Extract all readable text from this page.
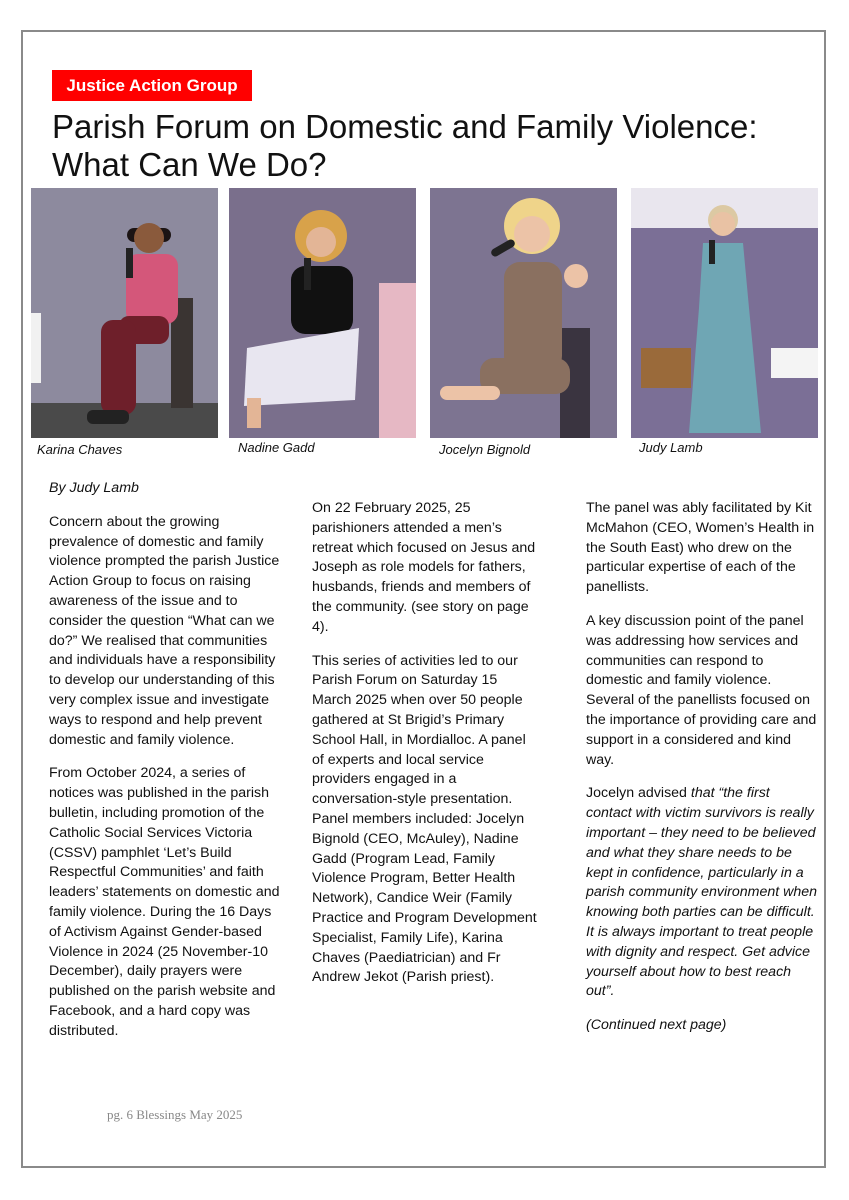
Justice Action Group
Parish Forum on Domestic and Family Violence:
What Can We Do?
Karina Chaves	Nadine Gadd	Jocelyn Bignold	Judy Lamb

By Judy Lamb

Concern about the growing prevalence of domestic and family violence prompted the parish Justice Action Group to focus on raising awareness of the issue and to consider the question “What can we do?” We realised that communities and individuals have a responsibility to develop our understanding of this very complex issue and investigate ways to respond and help prevent domestic and family violence.

From October 2024, a series of notices was published in the parish bulletin, including promotion of the Catholic Social Services Victoria (CSSV) pamphlet ‘Let’s Build Respectful Communities’ and faith leaders’ statements on domestic and family violence. During the 16 Days of Activism Against Gender-based Violence in 2024 (25 November-10 December), daily prayers were published on the parish website and Facebook, and a hard copy was distributed.

On 22 February 2025, 25 parishioners attended a men’s retreat which focused on Jesus and Joseph as role models for fathers, husbands, friends and members of the community. (see story on page 4).

This series of activities led to our Parish Forum on Saturday 15 March 2025 when over 50 people gathered at St Brigid’s Primary School Hall, in Mordialloc. A panel of experts and local service providers engaged in a conversation-style presentation. Panel members included: Jocelyn Bignold (CEO, McAuley), Nadine Gadd (Program Lead, Family Violence Program, Better Health Network), Candice Weir (Family Practice and Program Development Specialist, Family Life), Karina Chaves (Paediatrician) and Fr Andrew Jekot (Parish priest).

The panel was ably facilitated by Kit McMahon (CEO, Women’s Health in the South East) who drew on the particular expertise of each of the panellists.

A key discussion point of the panel was addressing how services and communities can respond to domestic and family violence. Several of the panellists focused on the importance of providing care and support in a considered and kind way.

Jocelyn advised that “the first contact with victim survivors is really important – they need to be believed and what they share needs to be kept in confidence, particularly in a parish community environment when knowing both parties can be difficult. It is always important to treat people with dignity and respect. Get advice yourself about how to best reach out”.

(Continued next page)

pg. 6 Blessings May 2025
